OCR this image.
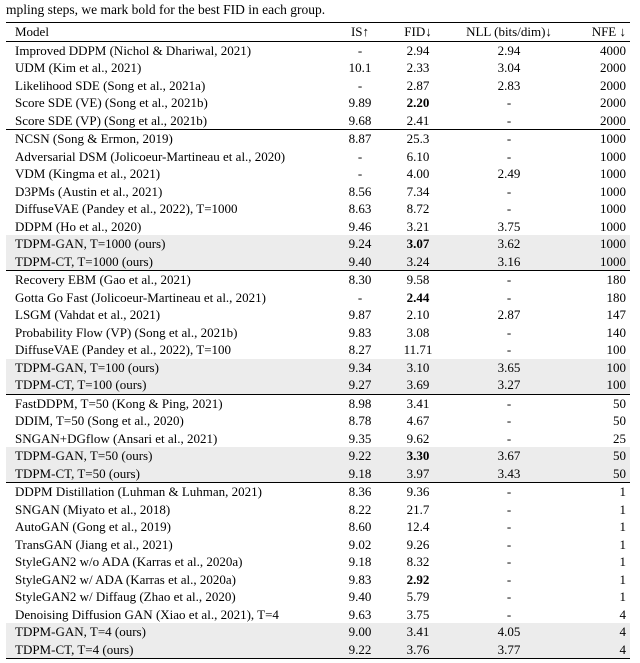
mpling steps, we mark bold for the best FID in each group.
Model	IS↑	FID↓	NLL (bits/dim)↓	NFE ↓
Improved DDPM (Nichol & Dhariwal, 2021)	-	2.94	2.94	4000
UDM (Kim et al., 2021)	10.1	2.33	3.04	2000
Likelihood SDE (Song et al., 2021a)	-	2.87	2.83	2000
Score SDE (VE) (Song et al., 2021b)	9.89	2.20	-	2000
Score SDE (VP) (Song et al., 2021b)	9.68	2.41	-	2000
NCSN (Song & Ermon, 2019)	8.87	25.3	-	1000
Adversarial DSM (Jolicoeur-Martineau et al., 2020)	-	6.10	-	1000
VDM (Kingma et al., 2021)	-	4.00	2.49	1000
D3PMs (Austin et al., 2021)	8.56	7.34	-	1000
DiffuseVAE (Pandey et al., 2022), T=1000	8.63	8.72	-	1000
DDPM (Ho et al., 2020)	9.46	3.21	3.75	1000
TDPM-GAN, T=1000 (ours)	9.24	3.07	3.62	1000
TDPM-CT, T=1000 (ours)	9.40	3.24	3.16	1000
Recovery EBM (Gao et al., 2021)	8.30	9.58	-	180
Gotta Go Fast (Jolicoeur-Martineau et al., 2021)	-	2.44	-	180
LSGM (Vahdat et al., 2021)	9.87	2.10	2.87	147
Probability Flow (VP) (Song et al., 2021b)	9.83	3.08	-	140
DiffuseVAE (Pandey et al., 2022), T=100	8.27	11.71	-	100
TDPM-GAN, T=100 (ours)	9.34	3.10	3.65	100
TDPM-CT, T=100 (ours)	9.27	3.69	3.27	100
FastDDPM, T=50 (Kong & Ping, 2021)	8.98	3.41	-	50
DDIM, T=50 (Song et al., 2020)	8.78	4.67	-	50
SNGAN+DGflow (Ansari et al., 2021)	9.35	9.62	-	25
TDPM-GAN, T=50 (ours)	9.22	3.30	3.67	50
TDPM-CT, T=50 (ours)	9.18	3.97	3.43	50
DDPM Distillation (Luhman & Luhman, 2021)	8.36	9.36	-	1
SNGAN (Miyato et al., 2018)	8.22	21.7	-	1
AutoGAN (Gong et al., 2019)	8.60	12.4	-	1
TransGAN (Jiang et al., 2021)	9.02	9.26	-	1
StyleGAN2 w/o ADA (Karras et al., 2020a)	9.18	8.32	-	1
StyleGAN2 w/ ADA (Karras et al., 2020a)	9.83	2.92	-	1
StyleGAN2 w/ Diffaug (Zhao et al., 2020)	9.40	5.79	-	1
Denoising Diffusion GAN (Xiao et al., 2021), T=4	9.63	3.75	-	4
TDPM-GAN, T=4 (ours)	9.00	3.41	4.05	4
TDPM-CT, T=4 (ours)	9.22	3.76	3.77	4
